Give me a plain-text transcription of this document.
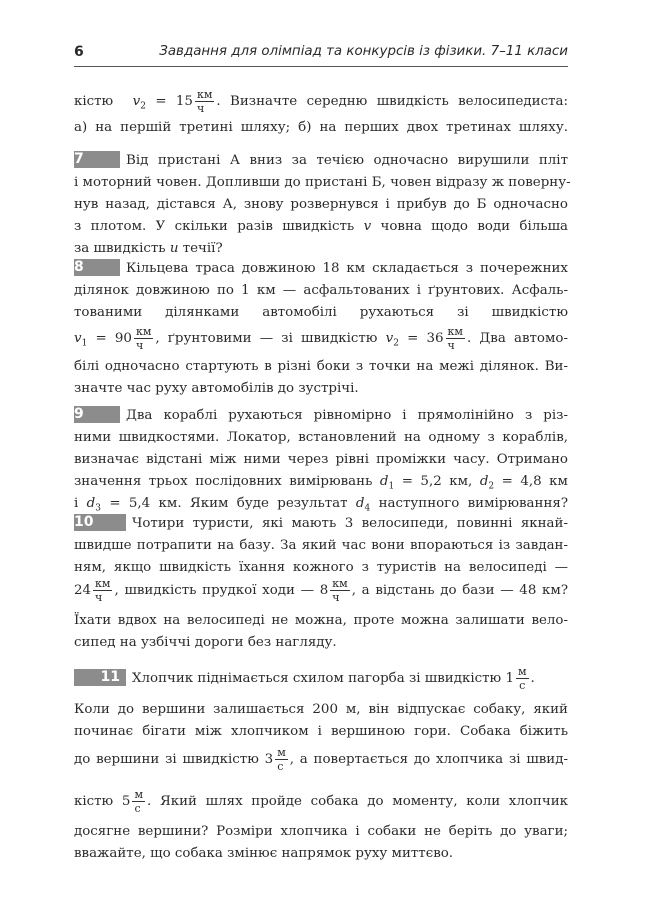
6	Завдання для олімпіад та конкурсів із фізики. 7–11 класи
кістю $v_2 = 15$ км
ч . Визначте середню швидкість велосипедиста:
а) на першій третині шляху; б) на перших двох третинах шляху.
7	Від пристані А вниз за течією одночасно вирушили пліт
і моторний човен. Допливши до пристані Б, човен відразу ж поверну-
нув назад, дістався А, знову розвернувся і прибув до Б одночасно
з плотом. У скільки разів швидкість v човна щодо води більша
за швидкість u течії?
8	Кільцева траса довжиною 18 км складається з почережних
ділянок довжиною по 1 км — асфальтованих і ґрунтових. Асфаль-
тованими ділянками автомобілі рухаються зі швидкістю
$v_1 = 90$ км
ч , ґрунтовими — зі швидкістю $v_2 = 36$ км
ч . Два автомо-
білі одночасно стартують в різні боки з точки на межі ділянок. Ви-
значте час руху автомобілів до зустрічі.
9	Два кораблі рухаються рівномірно і прямолінійно з різ-
ними швидкостями. Локатор, встановлений на одному з кораблів,
визначає відстані між ними через рівні проміжки часу. Отримано
значення трьох послідовних вимірювань $d_1 = 5,2$ км, $d_2 = 4,8$ км
і $d_3 = 5,4$ км. Яким буде результат $d_4$ наступного вимірювання?
10	Чотири туристи, які мають 3 велосипеди, повинні якнай-
швидше потрапити на базу. За який час вони впораються із завдан-
ням, якщо швидкість їхання кожного з туристів на велосипеді —
24 км
ч , швидкість прудкої ходи — 8 км
ч , а відстань до бази — 48 км?
Їхати вдвох на велосипеді не можна, проте можна залишати вело-
сипед на узбіччі дороги без нагляду.
11 Хлопчик піднімається схилом пагорба зі швидкістю 1 м
с .
Коли до вершини залишається 200 м, він відпускає собаку, який
починає бігати між хлопчиком і вершиною гори. Собака біжить
до вершини зі швидкістю 3 м
с , а повертається до хлопчика зі швид-
кістю 5 м
с . Який шлях пройде собака до моменту, коли хлопчик
досягне вершини? Розміри хлопчика і собаки не беріть до уваги;
вважайте, що собака змінює напрямок руху миттєво.
